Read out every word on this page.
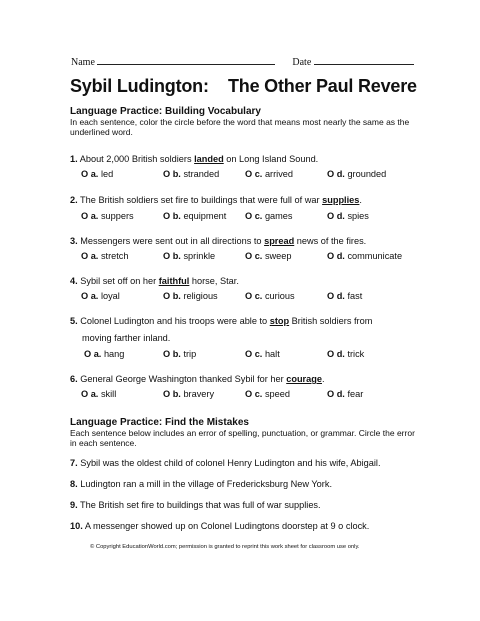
Name	Date
Sybil Ludington:    The Other Paul Revere
Language Practice: Building Vocabulary
In each sentence, color the circle before the word that means most nearly the same as the underlined word.
1. About 2,000 British soldiers landed on Long Island Sound.
O a. led	O b. stranded	O c. arrived	O d. grounded
2. The British soldiers set fire to buildings that were full of war supplies.
O a. suppers	O b. equipment O c. games	O d. spies
3. Messengers were sent out in all directions to spread news of the fires.
O a. stretch	O b. sprinkle	O c. sweep	O d. communicate
4. Sybil set off on her faithful horse, Star.
O a. loyal	O b. religious	O c. curious	O d. fast
5. Colonel Ludington and his troops were able to stop British soldiers from
moving farther inland.
O a. hang	O b. trip	O c. halt	O d. trick
6. General George Washington thanked Sybil for her courage.
O a. skill	O b. bravery	O c. speed	O d. fear
Language Practice: Find the Mistakes
Each sentence below includes an error of spelling, punctuation, or grammar. Circle the error in each sentence.
7. Sybil was the oldest child of colonel Henry Ludington and his wife, Abigail.
8. Ludington ran a mill in the village of Fredericksburg New York.
9. The British set fire to buildings that was full of war supplies.
10. A messenger showed up on Colonel Ludingtons doorstep at 9 o clock.
© Copyright EducationWorld.com; permission is granted to reprint this work sheet for classroom use only.
